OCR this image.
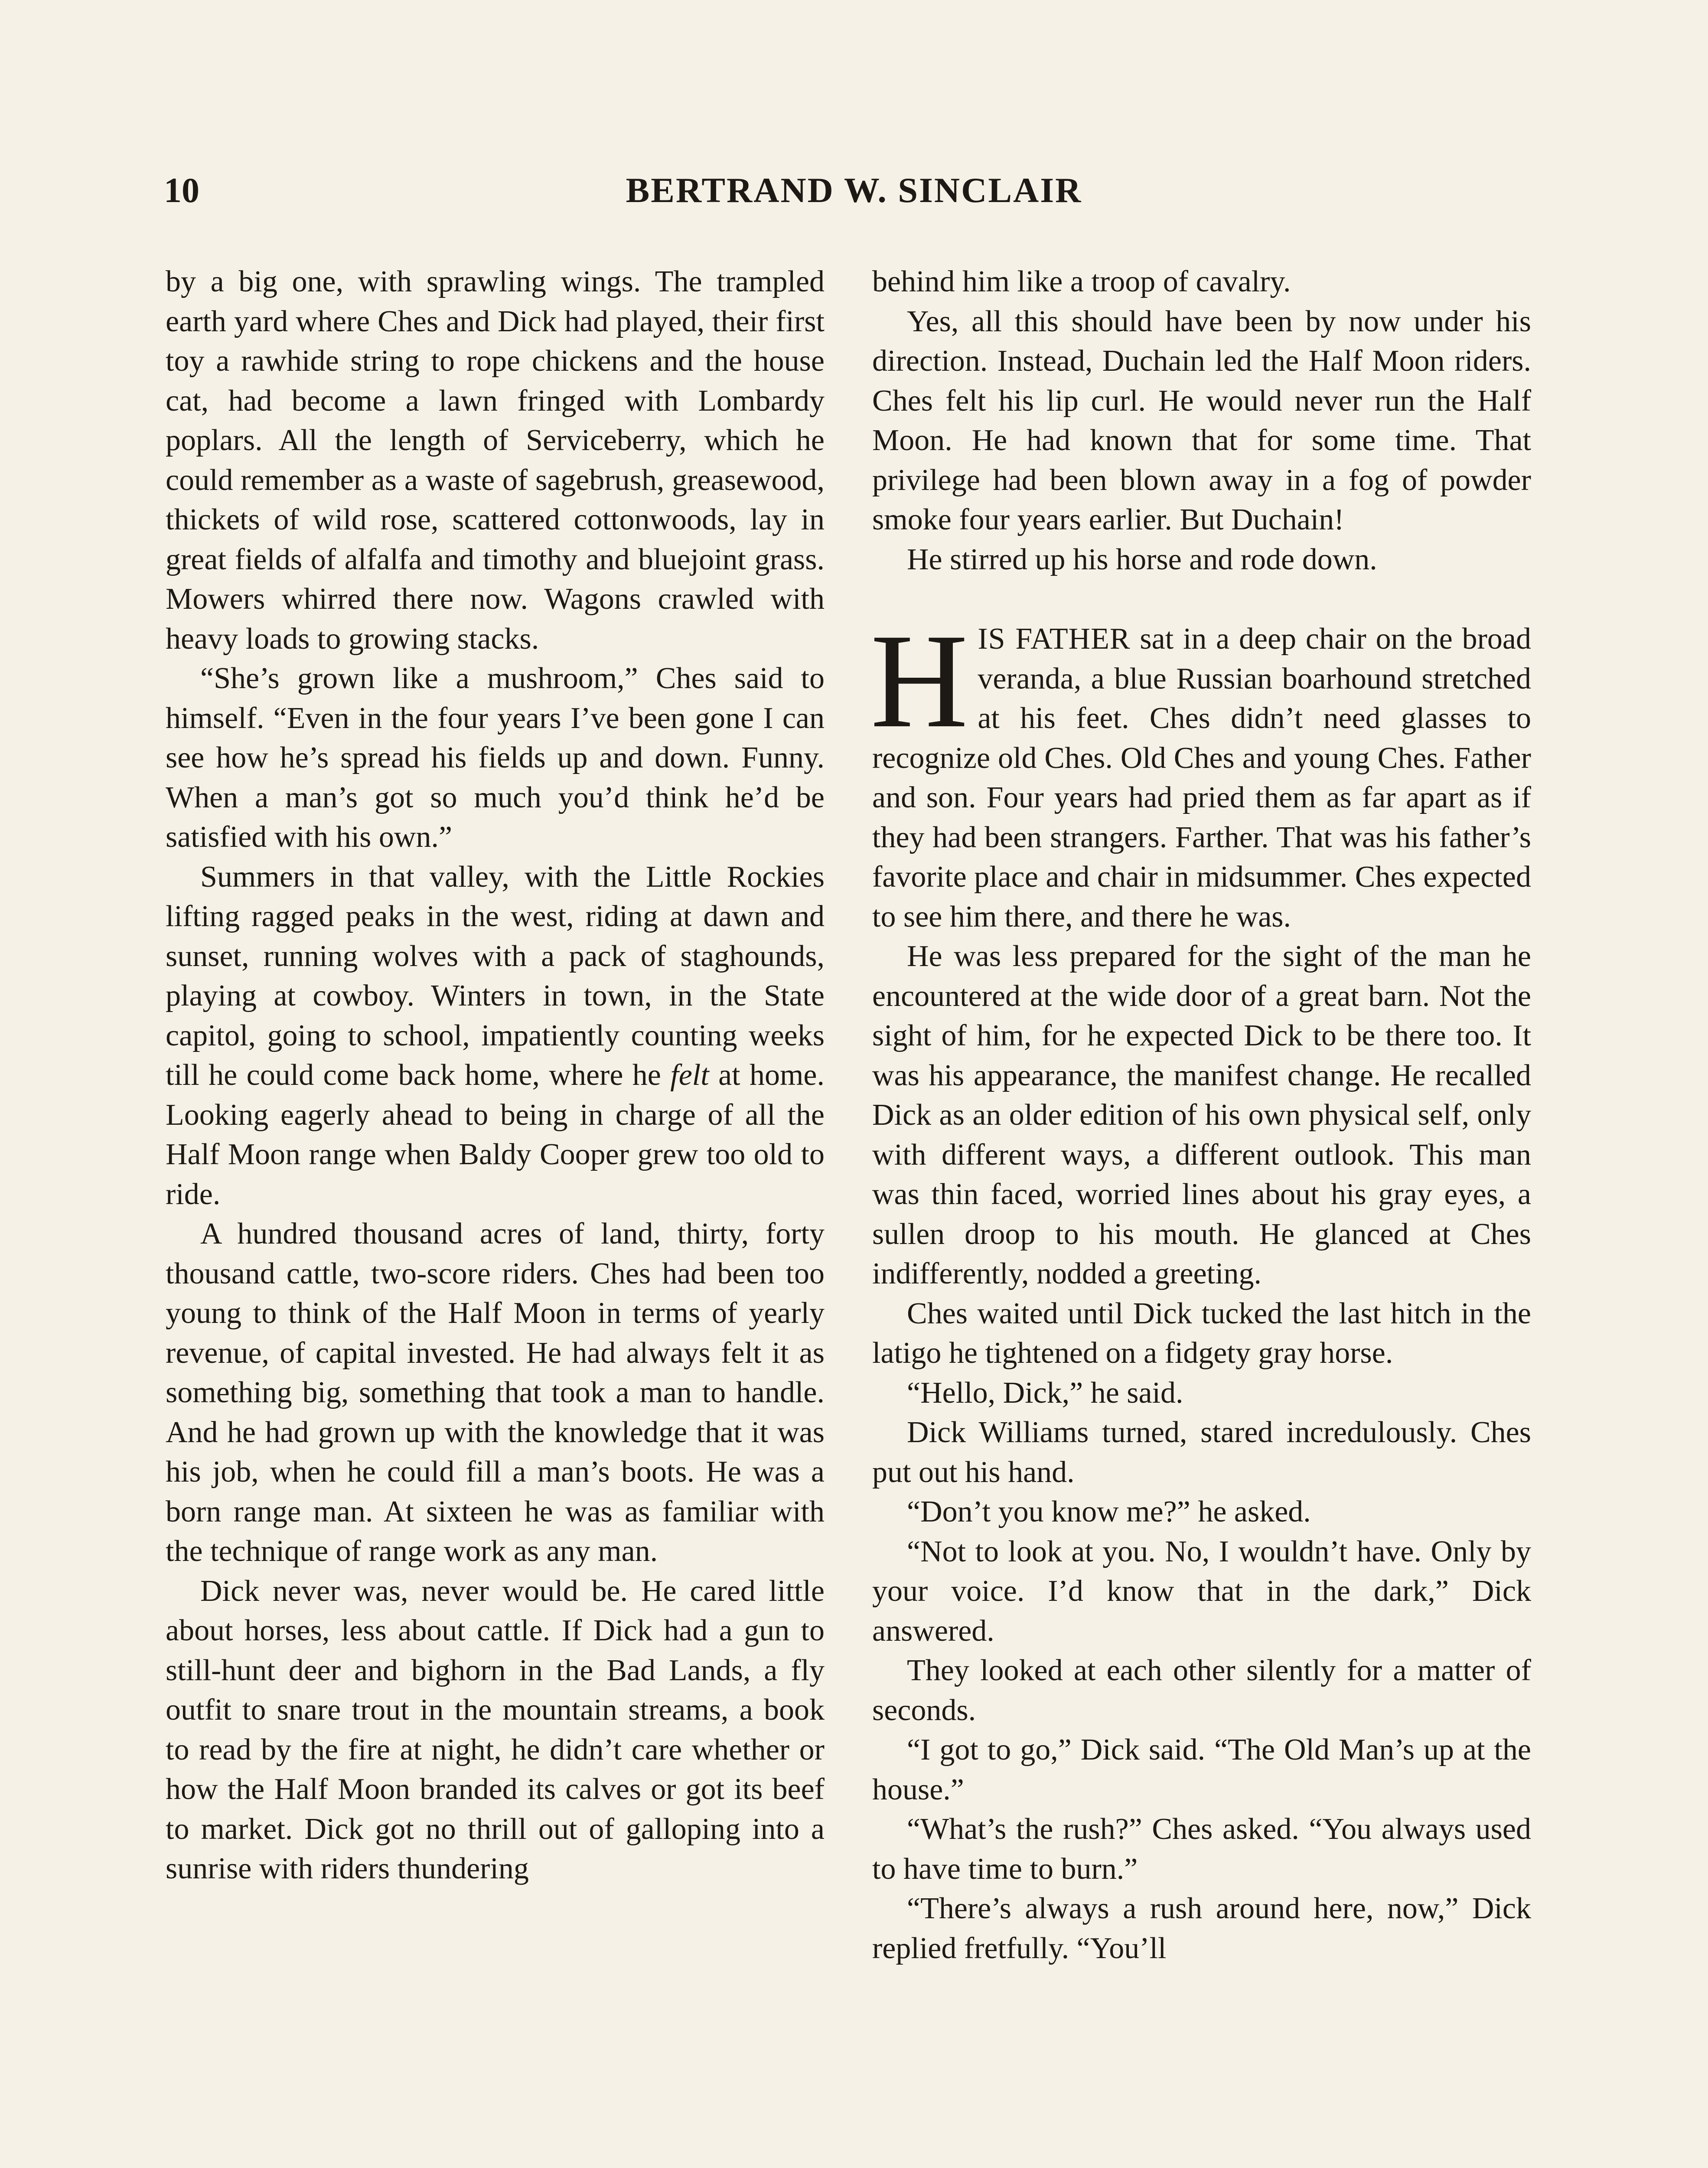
10	BERTRAND W. SINCLAIR

by a big one, with sprawling wings. The trampled earth yard where Ches and Dick had played, their first toy a rawhide string to rope chickens and the house cat, had become a lawn fringed with Lombardy poplars. All the length of Serviceberry, which he could remember as a waste of sagebrush, greasewood, thickets of wild rose, scattered cottonwoods, lay in great fields of alfalfa and timothy and bluejoint grass. Mowers whirred there now. Wagons crawled with heavy loads to growing stacks.

“She’s grown like a mushroom,” Ches said to himself. “Even in the four years I’ve been gone I can see how he’s spread his fields up and down. Funny. When a man’s got so much you’d think he’d be satisfied with his own.”

Summers in that valley, with the Little Rockies lifting ragged peaks in the west, riding at dawn and sunset, running wolves with a pack of staghounds, playing at cowboy. Winters in town, in the State capitol, going to school, impatiently counting weeks till he could come back home, where he felt at home. Looking eagerly ahead to being in charge of all the Half Moon range when Baldy Cooper grew too old to ride.

A hundred thousand acres of land, thirty, forty thousand cattle, two-score riders. Ches had been too young to think of the Half Moon in terms of yearly revenue, of capital invested. He had always felt it as something big, something that took a man to handle. And he had grown up with the knowledge that it was his job, when he could fill a man’s boots. He was a born range man. At sixteen he was as familiar with the technique of range work as any man.

Dick never was, never would be. He cared little about horses, less about cattle. If Dick had a gun to still-hunt deer and bighorn in the Bad Lands, a fly outfit to snare trout in the mountain streams, a book to read by the fire at night, he didn’t care whether or how the Half Moon branded its calves or got its beef to market. Dick got no thrill out of galloping into a sunrise with riders thundering

behind him like a troop of cavalry.

Yes, all this should have been by now under his direction. Instead, Duchain led the Half Moon riders. Ches felt his lip curl. He would never run the Half Moon. He had known that for some time. That privilege had been blown away in a fog of powder smoke four years earlier. But Duchain!

He stirred up his horse and rode down.

HIS FATHER sat in a deep chair on the broad veranda, a blue Russian boarhound stretched at his feet. Ches didn’t need glasses to recognize old Ches. Old Ches and young Ches. Father and son. Four years had pried them as far apart as if they had been strangers. Farther. That was his father’s favorite place and chair in midsummer. Ches expected to see him there, and there he was.

He was less prepared for the sight of the man he encountered at the wide door of a great barn. Not the sight of him, for he expected Dick to be there too. It was his appearance, the manifest change. He recalled Dick as an older edition of his own physical self, only with different ways, a different outlook. This man was thin faced, worried lines about his gray eyes, a sullen droop to his mouth. He glanced at Ches indifferently, nodded a greeting.

Ches waited until Dick tucked the last hitch in the latigo he tightened on a fidgety gray horse.

“Hello, Dick,” he said.

Dick Williams turned, stared incredulously. Ches put out his hand.

“Don’t you know me?” he asked.

“Not to look at you. No, I wouldn’t have. Only by your voice. I’d know that in the dark,” Dick answered.

They looked at each other silently for a matter of seconds.

“I got to go,” Dick said. “The Old Man’s up at the house.”

“What’s the rush?” Ches asked. “You always used to have time to burn.”

“There’s always a rush around here, now,” Dick replied fretfully. “You’ll
